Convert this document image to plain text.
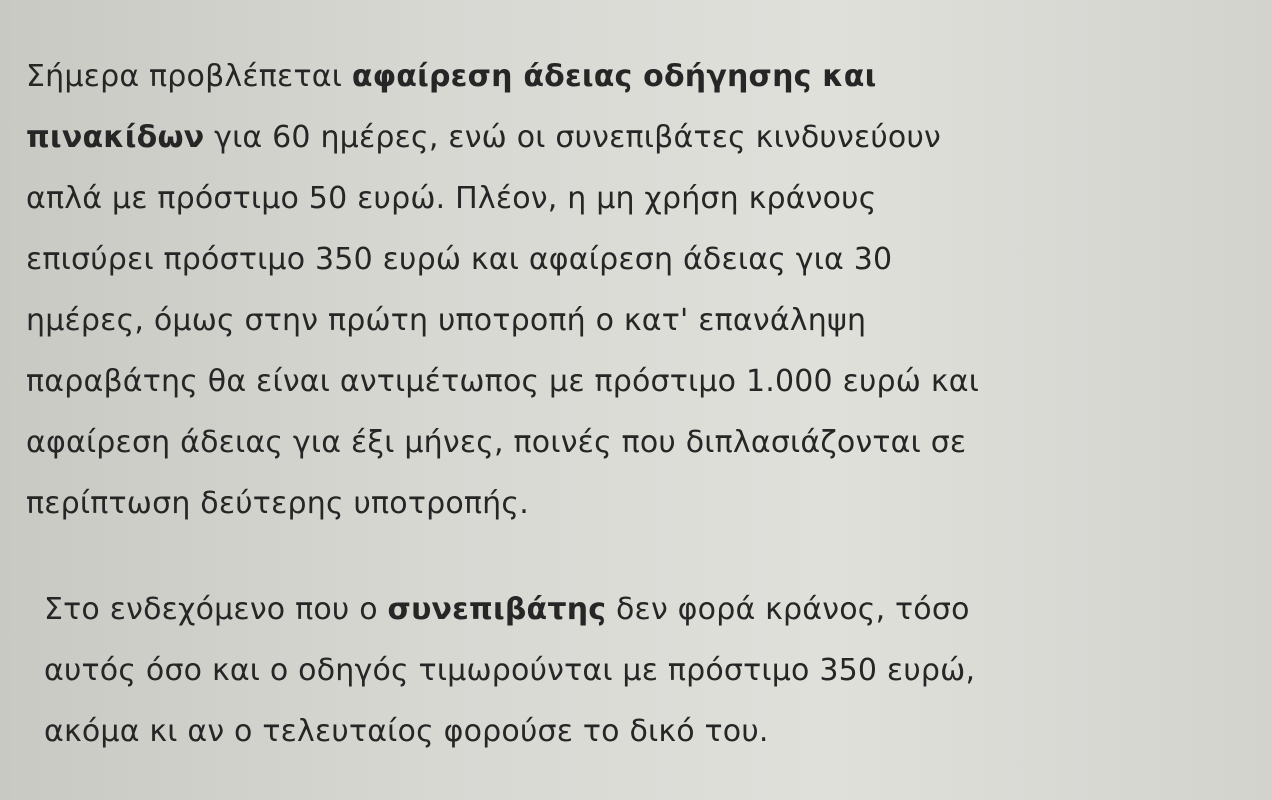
Σήμερα προβλέπεται αφαίρεση άδειας οδήγησης και
πινακίδων για 60 ημέρες, ενώ οι συνεπιβάτες κινδυνεύουν
απλά με πρόστιμο 50 ευρώ. Πλέον, η μη χρήση κράνους
επισύρει πρόστιμο 350 ευρώ και αφαίρεση άδειας για 30
ημέρες, όμως στην πρώτη υποτροπή ο κατ' επανάληψη
παραβάτης θα είναι αντιμέτωπος με πρόστιμο 1.000 ευρώ και
αφαίρεση άδειας για έξι μήνες, ποινές που διπλασιάζονται σε
περίπτωση δεύτερης υποτροπής.

Στο ενδεχόμενο που ο συνεπιβάτης δεν φορά κράνος, τόσο
αυτός όσο και ο οδηγός τιμωρούνται με πρόστιμο 350 ευρώ,
ακόμα κι αν ο τελευταίος φορούσε το δικό του.
